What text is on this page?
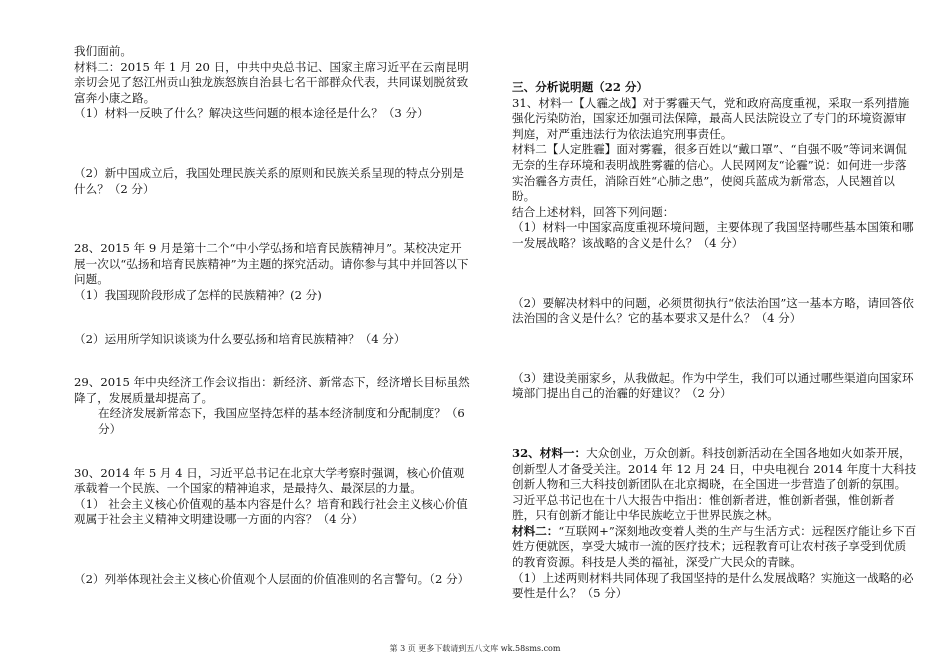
我们面前。

材料二：2015 年 1 月 20 日，中共中央总书记、国家主席习近平在云南昆明亲切会见了怒江州贡山独龙族怒族自治县七名干部群众代表，共同谋划脱贫致富奔小康之路。

（1）材料一反映了什么？解决这些问题的根本途径是什么？（3 分）

（2）新中国成立后，我国处理民族关系的原则和民族关系呈现的特点分别是什么？（2 分）

28、2015 年 9 月是第十二个“中小学弘扬和培育民族精神月”。某校决定开展一次以“弘扬和培育民族精神”为主题的探究活动。请你参与其中并回答以下问题。

（1）我国现阶段形成了怎样的民族精神？(2 分)

（2）运用所学知识谈谈为什么要弘扬和培育民族精神？（4 分）

29、2015 年中央经济工作会议指出：新经济、新常态下，经济增长目标虽然降了，发展质量却提高了。

在经济发展新常态下，我国应坚持怎样的基本经济制度和分配制度？（6 分）

30、2014 年 5 月 4 日，习近平总书记在北京大学考察时强调，核心价值观承载着一个民族、一个国家的精神追求，是最持久、最深层的力量。

（1） 社会主义核心价值观的基本内容是什么？培育和践行社会主义核心价值观属于社会主义精神文明建设哪一方面的内容？（4 分）

（2）列举体现社会主义核心价值观个人层面的价值准则的名言警句。（2 分）

三、分析说明题（22 分）

31、材料一【人霾之战】对于雾霾天气，党和政府高度重视，采取一系列措施强化污染防治，国家还加强司法保障，最高人民法院设立了专门的环境资源审判庭，对严重违法行为依法追究刑事责任。

材料二【人定胜霾】面对雾霾，很多百姓以“戴口罩”、“自强不吸”等词来调侃无奈的生存环境和表明战胜雾霾的信心。人民网网友“论霾”说：如何进一步落实治霾各方责任，消除百姓“心肺之患”，使阅兵蓝成为新常态，人民翘首以盼。

结合上述材料，回答下列问题：

（1）材料一中国家高度重视环境问题，主要体现了我国坚持哪些基本国策和哪一发展战略？该战略的含义是什么？（4 分）

（2）要解决材料中的问题，必须贯彻执行“依法治国”这一基本方略，请回答依法治国的含义是什么？它的基本要求又是什么？（4 分）

（3）建设美丽家乡，从我做起。作为中学生，我们可以通过哪些渠道向国家环境部门提出自己的治霾的好建议？（2 分）

32、材料一：大众创业，万众创新。科技创新活动在全国各地如火如荼开展，创新型人才备受关注。2014 年 12 月 24 日，中央电视台 2014 年度十大科技创新人物和三大科技创新团队在北京揭晓，在全国进一步营造了创新的氛围。习近平总书记也在十八大报告中指出：惟创新者进，惟创新者强，惟创新者胜，只有创新才能让中华民族屹立于世界民族之林。

材料二：“互联网+”深刻地改变着人类的生产与生活方式：远程医疗能让乡下百姓方便就医，享受大城市一流的医疗技术；远程教育可让农村孩子享受到优质的教育资源。科技是人类的福祉，深受广大民众的青睐。

（1）上述两则材料共同体现了我国坚持的是什么发展战略？实施这一战略的必要性是什么？（5 分）

第 3 页 更多下载请到五八文库 wk.58sms.com
